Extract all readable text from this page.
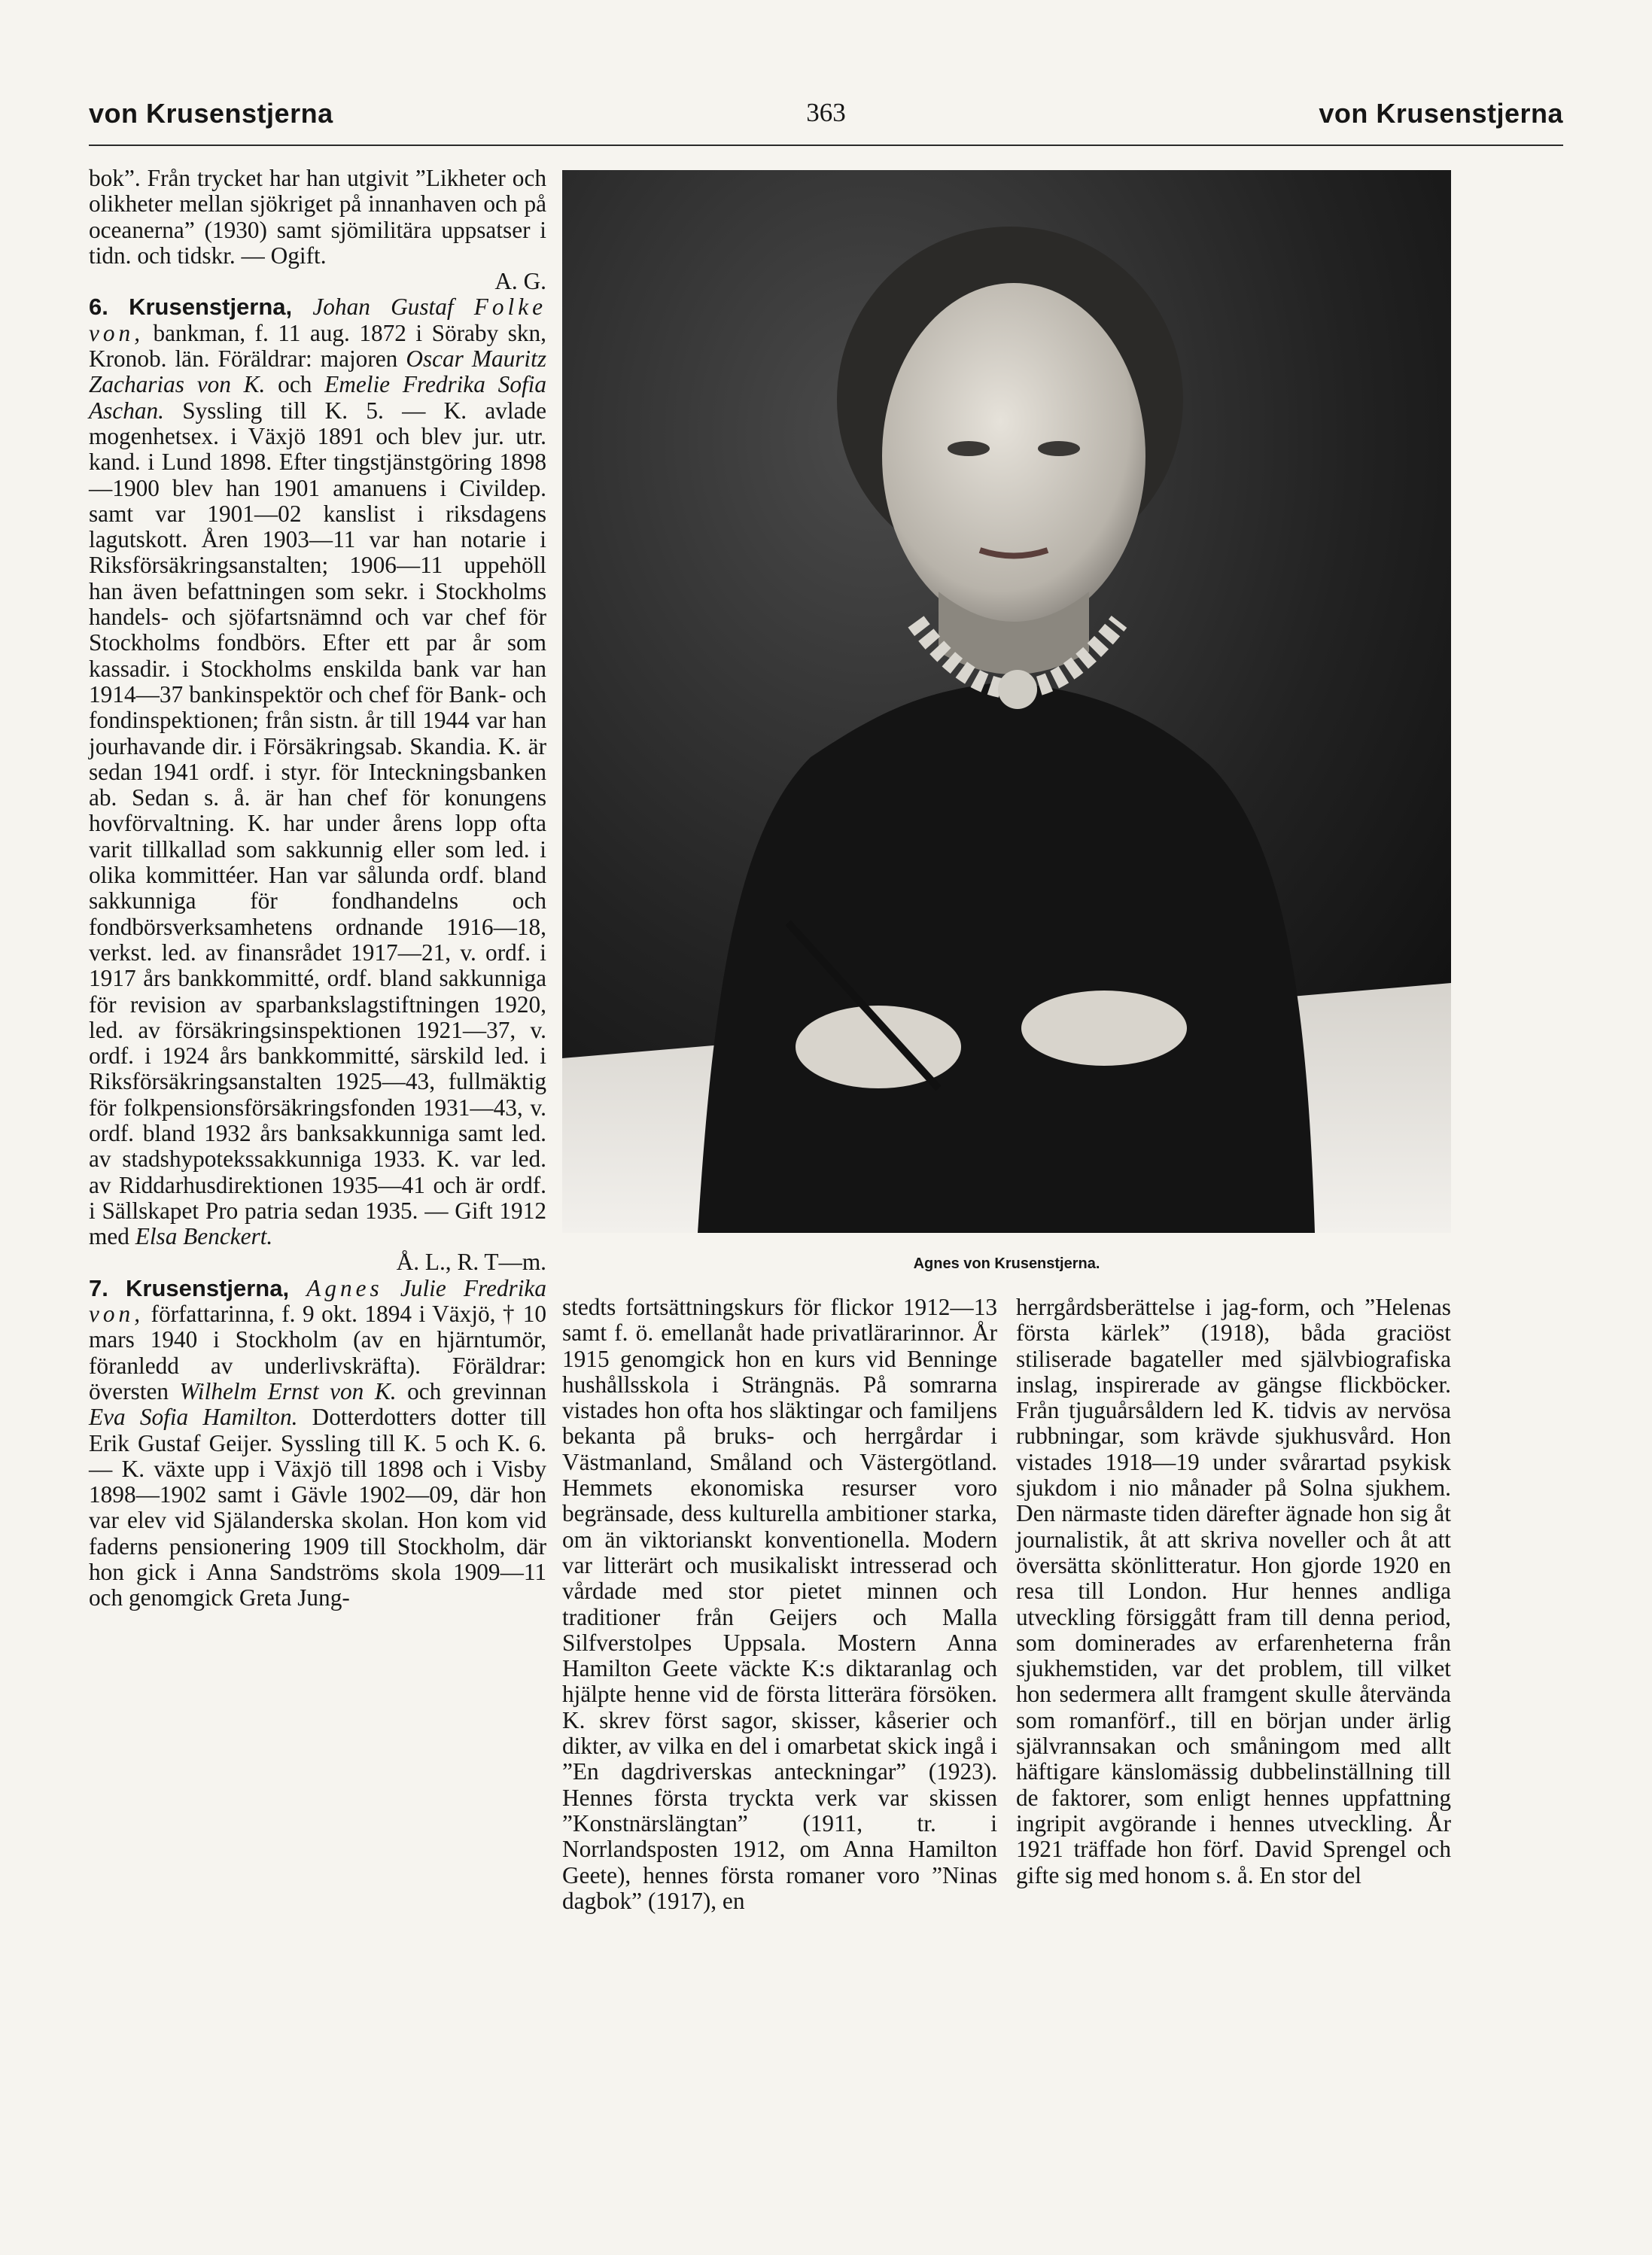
von Krusenstjerna	363	von Krusenstjerna

bok”. Från trycket har han utgivit ”Likheter och olikheter mellan sjökriget på innanhaven och på oceanerna” (1930) samt sjömilitära uppsatser i tidn. och tidskr. — Ogift.

A. G.

6. Krusenstjerna, Johan Gustaf Folke von, bankman, f. 11 aug. 1872 i Söraby skn, Kronob. län. Föräldrar: majoren Oscar Mauritz Zacharias von K. och Emelie Fredrika Sofia Aschan. Syssling till K. 5. — K. avlade mogenhetsex. i Växjö 1891 och blev jur. utr. kand. i Lund 1898. Efter tingstjänstgöring 1898—1900 blev han 1901 amanuens i Civildep. samt var 1901—02 kanslist i riksdagens lagutskott. Åren 1903—11 var han notarie i Riksförsäkringsanstalten; 1906—11 uppehöll han även befattningen som sekr. i Stockholms handels- och sjöfartsnämnd och var chef för Stockholms fondbörs. Efter ett par år som kassadir. i Stockholms enskilda bank var han 1914—37 bankinspektör och chef för Bank- och fondinspektionen; från sistn. år till 1944 var han jourhavande dir. i Försäkringsab. Skandia. K. är sedan 1941 ordf. i styr. för Inteckningsbanken ab. Sedan s. å. är han chef för konungens hovförvaltning. K. har under årens lopp ofta varit tillkallad som sakkunnig eller som led. i olika kommittéer. Han var sålunda ordf. bland sakkunniga för fondhandelns och fondbörsverksamhetens ordnande 1916—18, verkst. led. av finansrådet 1917—21, v. ordf. i 1917 års bankkommitté, ordf. bland sakkunniga för revision av sparbankslagstiftningen 1920, led. av försäkringsinspektionen 1921—37, v. ordf. i 1924 års bankkommitté, särskild led. i Riksförsäkringsanstalten 1925—43, fullmäktig för folkpensionsförsäkringsfonden 1931—43, v. ordf. bland 1932 års banksakkunniga samt led. av stadshypotekssakkunniga 1933. K. var led. av Riddarhusdirektionen 1935—41 och är ordf. i Sällskapet Pro patria sedan 1935. — Gift 1912 med Elsa Benckert.

Å. L., R. T—m.

7. Krusenstjerna, Agnes Julie Fredrika von, författarinna, f. 9 okt. 1894 i Växjö, † 10 mars 1940 i Stockholm (av en hjärntumör, föranledd av underlivskräfta). Föräldrar: översten Wilhelm Ernst von K. och grevinnan Eva Sofia Hamilton. Dotterdotters dotter till Erik Gustaf Geijer. Syssling till K. 5 och K. 6. — K. växte upp i Växjö till 1898 och i Visby 1898—1902 samt i Gävle 1902—09, där hon var elev vid Själanderska skolan. Hon kom vid faderns pensionering 1909 till Stockholm, där hon gick i Anna Sandströms skola 1909—11 och genomgick Greta Jung-

Agnes von Krusenstjerna.

stedts fortsättningskurs för flickor 1912—13 samt f. ö. emellanåt hade privatlärarinnor. År 1915 genomgick hon en kurs vid Benninge hushållsskola i Strängnäs. På somrarna vistades hon ofta hos släktingar och familjens bekanta på bruks- och herrgårdar i Västmanland, Småland och Västergötland. Hemmets ekonomiska resurser voro begränsade, dess kulturella ambitioner starka, om än viktorianskt konventionella. Modern var litterärt och musikaliskt intresserad och vårdade med stor pietet minnen och traditioner från Geijers och Malla Silfverstolpes Uppsala. Mostern Anna Hamilton Geete väckte K:s diktaranlag och hjälpte henne vid de första litterära försöken. K. skrev först sagor, skisser, kåserier och dikter, av vilka en del i omarbetat skick ingå i ”En dagdriverskas anteckningar” (1923). Hennes första tryckta verk var skissen ”Konstnärslängtan” (1911, tr. i Norrlandsposten 1912, om Anna Hamilton Geete), hennes första romaner voro ”Ninas dagbok” (1917), en

herrgårdsberättelse i jag-form, och ”Helenas första kärlek” (1918), båda graciöst stiliserade bagateller med självbiografiska inslag, inspirerade av gängse flickböcker. Från tjuguårsåldern led K. tidvis av nervösa rubbningar, som krävde sjukhusvård. Hon vistades 1918—19 under svårartad psykisk sjukdom i nio månader på Solna sjukhem. Den närmaste tiden därefter ägnade hon sig åt journalistik, åt att skriva noveller och åt att översätta skönlitteratur. Hon gjorde 1920 en resa till London. Hur hennes andliga utveckling försiggått fram till denna period, som dominerades av erfarenheterna från sjukhemstiden, var det problem, till vilket hon sedermera allt framgent skulle återvända som romanförf., till en början under ärlig självrannsakan och småningom med allt häftigare känslomässig dubbelinställning till de faktorer, som enligt hennes uppfattning ingripit avgörande i hennes utveckling. År 1921 träffade hon förf. David Sprengel och gifte sig med honom s. å. En stor del
